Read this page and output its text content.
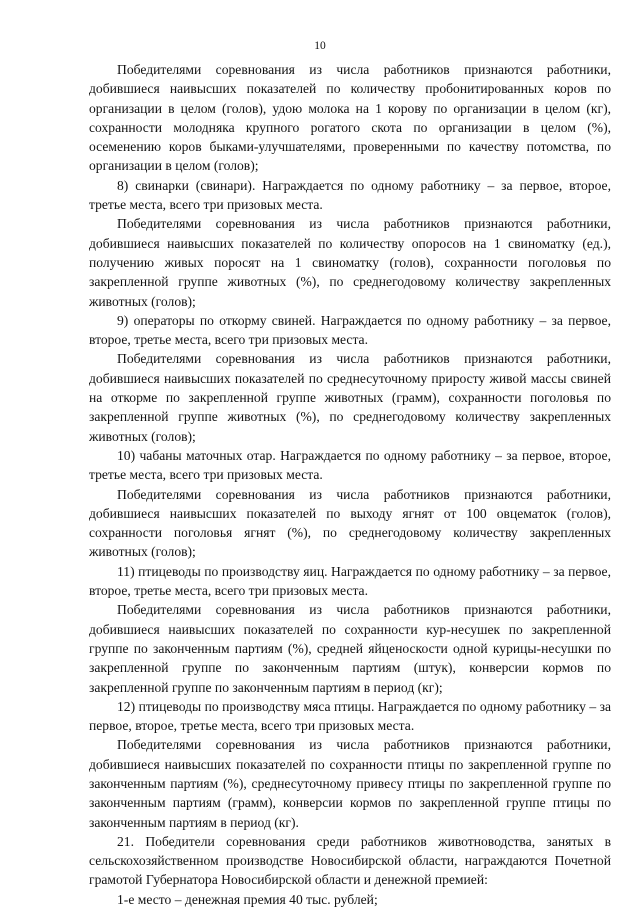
10

Победителями соревнования из числа работников признаются работники, добившиеся наивысших показателей по количеству пробонитированных коров по организации в целом (голов), удою молока на 1 корову по организации в целом (кг), сохранности молодняка крупного рогатого скота по организации в целом (%), осеменению коров быками-улучшателями, проверенными по качеству потомства, по организации в целом (голов);

8) свинарки (свинари). Награждается по одному работнику – за первое, второе, третье места, всего три призовых места.

Победителями соревнования из числа работников признаются работники, добившиеся наивысших показателей по количеству опоросов на 1 свиноматку (ед.), получению живых поросят на 1 свиноматку (голов), сохранности поголовья по закрепленной группе животных (%), по среднегодовому количеству закрепленных животных (голов);

9) операторы по откорму свиней. Награждается по одному работнику – за первое, второе, третье места, всего три призовых места.

Победителями соревнования из числа работников признаются работники, добившиеся наивысших показателей по среднесуточному приросту живой массы свиней на откорме по закрепленной группе животных (грамм), сохранности поголовья по закрепленной группе животных (%), по среднегодовому количеству закрепленных животных (голов);

10) чабаны маточных отар. Награждается по одному работнику – за первое, второе, третье места, всего три призовых места.

Победителями соревнования из числа работников признаются работники, добившиеся наивысших показателей по выходу ягнят от 100 овцематок (голов), сохранности поголовья ягнят (%), по среднегодовому количеству закрепленных животных (голов);

11) птицеводы по производству яиц. Награждается по одному работнику – за первое, второе, третье места, всего три призовых места.

Победителями соревнования из числа работников признаются работники, добившиеся наивысших показателей по сохранности кур-несушек по закрепленной группе по законченным партиям (%), средней яйценоскости одной курицы-несушки по закрепленной группе по законченным партиям (штук), конверсии кормов по закрепленной группе по законченным партиям в период (кг);

12) птицеводы по производству мяса птицы. Награждается по одному работнику – за первое, второе, третье места, всего три призовых места.

Победителями соревнования из числа работников признаются работники, добившиеся наивысших показателей по сохранности птицы по закрепленной группе по законченным партиям (%), среднесуточному привесу птицы по закрепленной группе по законченным партиям (грамм), конверсии кормов по закрепленной группе птицы по законченным партиям в период (кг).

21. Победители соревнования среди работников животноводства, занятых в сельскохозяйственном производстве Новосибирской области, награждаются Почетной грамотой Губернатора Новосибирской области и денежной премией:

1-е место – денежная премия 40 тыс. рублей;
